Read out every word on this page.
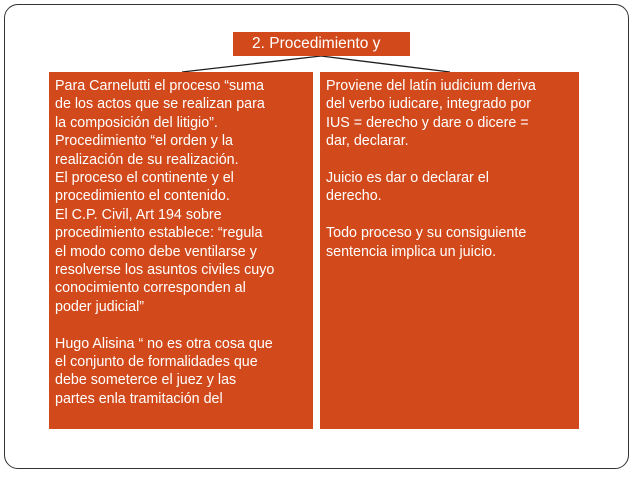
2. Procedimiento y
Para Carnelutti el proceso “suma
de los actos que se realizan para
la composición del litigio”.
Procedimiento “el orden y la
realización de su realización.
El proceso el continente y el
procedimiento el contenido.
El C.P. Civil, Art 194 sobre
procedimiento establece: “regula
el modo como debe ventilarse y
resolverse los asuntos civiles cuyo
conocimiento corresponden al
poder judicial”
Hugo Alisina “ no es otra cosa que
el conjunto de formalidades que
debe someterce el juez y las
partes enla tramitación del
Proviene del latín iudicium deriva
del verbo iudicare, integrado por
IUS = derecho y dare o dicere =
dar, declarar.
Juicio es dar o declarar el
derecho.
Todo proceso y su consiguiente
sentencia implica un juicio.
